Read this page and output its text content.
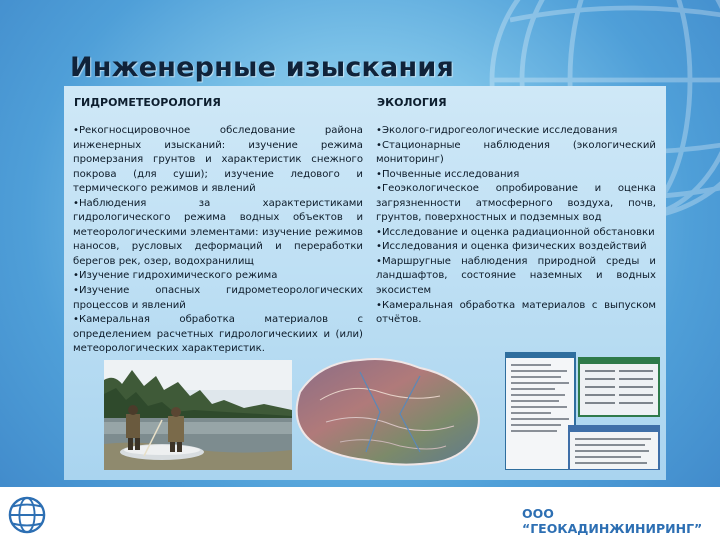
Инженерные изыскания
ГИДРОМЕТЕОРОЛОГИЯ	ЭКОЛОГИЯ

•Рекогносцировочное обследование района инженерных изысканий: изучение режима промерзания грунтов и характеристик снежного покрова (для суши); изучение ледового и термического режимов и явлений

•Наблюдения за характеристиками гидрологического режима водных объектов и метеорологическими элементами: изучение режимов наносов, русловых деформаций и переработки берегов рек, озер, водохранилищ

•Изучение гидрохимического режима

•Изучение опасных гидрометеорологических процессов и явлений

•Камеральная обработка материалов с определением расчетных гидрологическиих и (или) метеорологических характеристик.

•Эколого-гидрогеологические исследования

•Стационарные наблюдения (экологический мониторинг)

•Почвенные исследования

•Геоэкологическое опробирование и оценка загрязненности атмосферного воздуха, почв, грунтов, поверхностных и подземных вод

•Исследование и оценка радиационной обстановки

•Исследования и оценка физических воздействий

•Маршругные наблюдения природной среды и ландшафтов, состояние наземных и водных экосистем

•Камеральная обработка материалов с выпуском отчётов.

ООО “ГЕОКАДИНЖИНИРИНГ”
